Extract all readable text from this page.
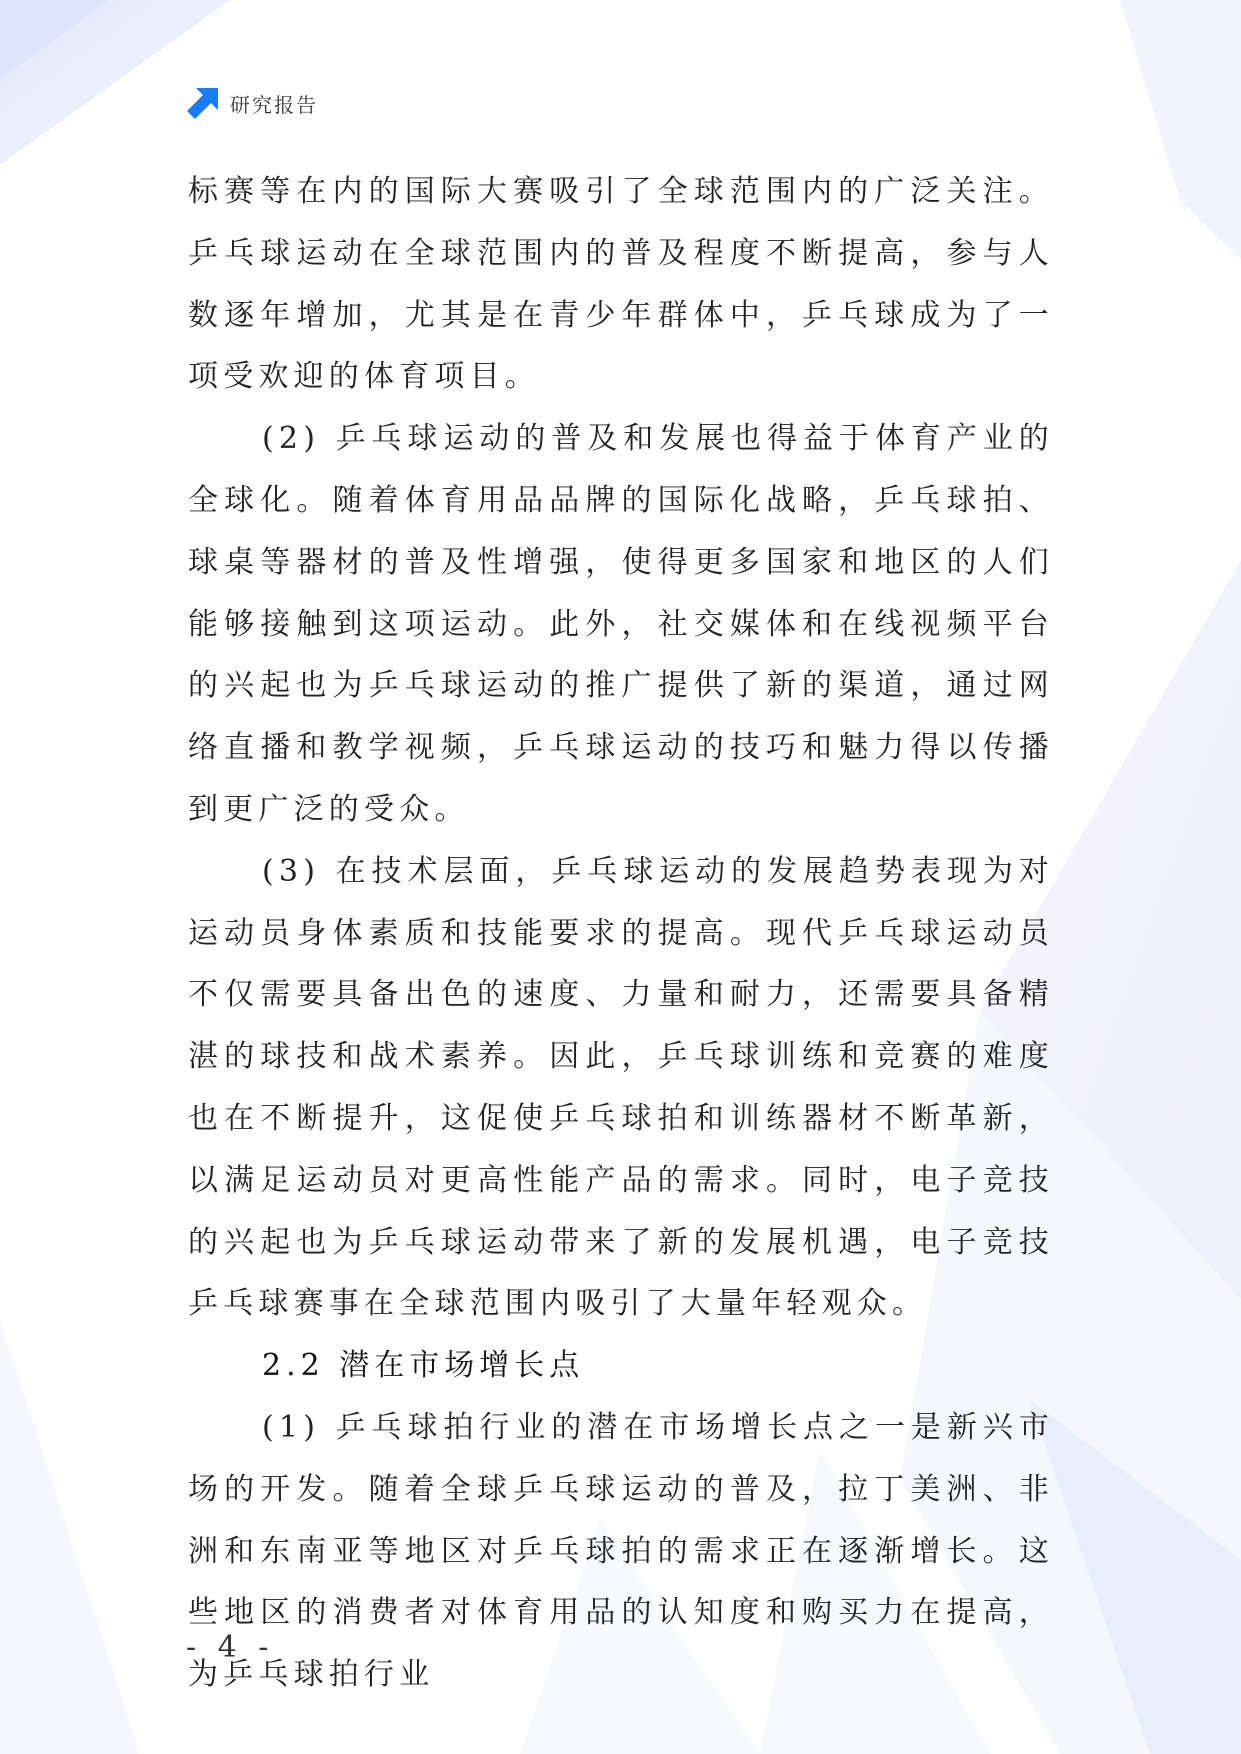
研究报告

标赛等在内的国际大赛吸引了全球范围内的广泛关注。乒乓球运动在全球范围内的普及程度不断提高，参与人数逐年增加，尤其是在青少年群体中，乒乓球成为了一项受欢迎的体育项目。

(2) 乒乓球运动的普及和发展也得益于体育产业的全球化。随着体育用品品牌的国际化战略，乒乓球拍、球桌等器材的普及性增强，使得更多国家和地区的人们能够接触到这项运动。此外，社交媒体和在线视频平台的兴起也为乒乓球运动的推广提供了新的渠道，通过网络直播和教学视频，乒乓球运动的技巧和魅力得以传播到更广泛的受众。

(3) 在技术层面，乒乓球运动的发展趋势表现为对运动员身体素质和技能要求的提高。现代乒乓球运动员不仅需要具备出色的速度、力量和耐力，还需要具备精湛的球技和战术素养。因此，乒乓球训练和竞赛的难度也在不断提升，这促使乒乓球拍和训练器材不断革新，以满足运动员对更高性能产品的需求。同时，电子竞技的兴起也为乒乓球运动带来了新的发展机遇，电子竞技乒乓球赛事在全球范围内吸引了大量年轻观众。

2.2 潜在市场增长点

(1) 乒乓球拍行业的潜在市场增长点之一是新兴市场的开发。随着全球乒乓球运动的普及，拉丁美洲、非洲和东南亚等地区对乒乓球拍的需求正在逐渐增长。这些地区的消费者对体育用品的认知度和购买力在提高，为乒乓球拍行业

- 4 -
